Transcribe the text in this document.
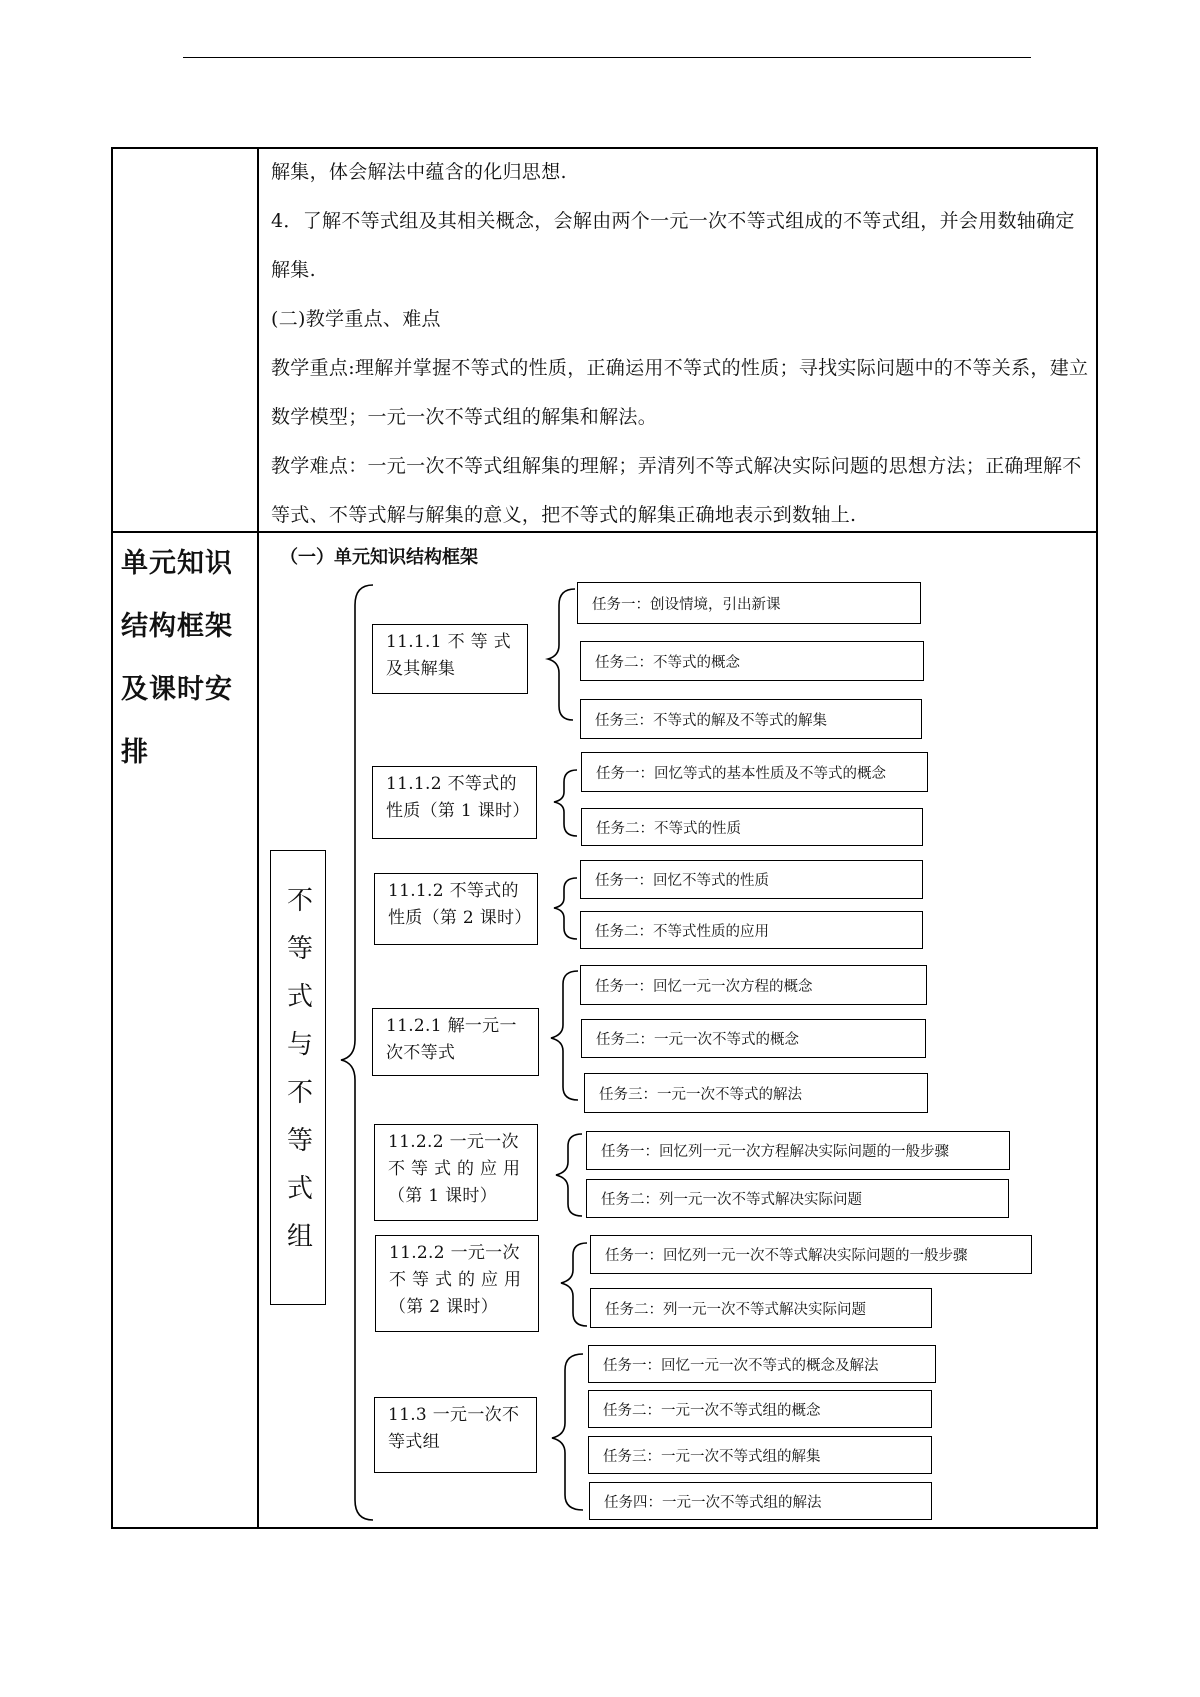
解集，体会解法中蕴含的化归思想.

4．了解不等式组及其相关概念，会解由两个一元一次不等式组成的不等式组，并会用数轴确定解集.

(二)教学重点、难点

教学重点:理解并掌握不等式的性质，正确运用不等式的性质；寻找实际问题中的不等关系，建立数学模型；一元一次不等式组的解集和解法。

教学难点：一元一次不等式组解集的理解；弄清列不等式解决实际问题的思想方法；正确理解不等式、不等式解与解集的意义，把不等式的解集正确地表示到数轴上.

单元知识结构框架及课时安排
（一）单元知识结构框架
不等式与不等式组
11.1.1 不 等 式及其解集
11.1.2 不等式的性质（第 1 课时）
11.1.2 不等式的性质（第 2 课时）
11.2.1 解一元一次不等式
11.2.2 一元一次不 等 式 的 应 用（第 1 课时）
11.2.2 一元一次不 等 式 的 应 用（第 2 课时）
11.3 一元一次不等式组
任务一：创设情境，引出新课
任务二：不等式的概念
任务三：不等式的解及不等式的解集
任务一：回忆等式的基本性质及不等式的概念
任务二：不等式的性质
任务一：回忆不等式的性质
任务二：不等式性质的应用
任务一：回忆一元一次方程的概念
任务二：一元一次不等式的概念
任务三：一元一次不等式的解法
任务一：回忆列一元一次方程解决实际问题的一般步骤
任务二：列一元一次不等式解决实际问题
任务一：回忆列一元一次不等式解决实际问题的一般步骤
任务二：列一元一次不等式解决实际问题
任务一：回忆一元一次不等式的概念及解法
任务二：一元一次不等式组的概念
任务三：一元一次不等式组的解集
任务四：一元一次不等式组的解法
